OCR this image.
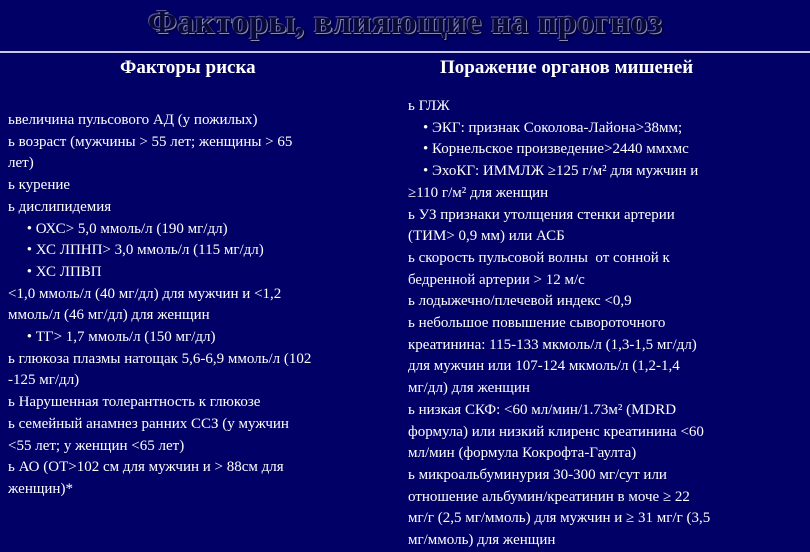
Факторы, влияющие на прогноз
Факторы риска	Поражение органов мишеней
ьвеличина пульсового АД (у пожилых)
ь возраст (мужчины > 55 лет; женщины > 65
лет)
ь курение
ь дислипидемия
• ОХС> 5,0 ммоль/л (190 мг/дл)
• ХС ЛПНП> 3,0 ммоль/л (115 мг/дл)
• ХС ЛПВП
<1,0 ммоль/л (40 мг/дл) для мужчин и <1,2
ммоль/л (46 мг/дл) для женщин
• ТГ> 1,7 ммоль/л (150 мг/дл)
ь глюкоза плазмы натощак 5,6-6,9 ммоль/л (102
-125 мг/дл)
ь Нарушенная толерантность к глюкозе
ь семейный анамнез ранних ССЗ (у мужчин
<55 лет; у женщин <65 лет)
ь АО (ОТ>102 см для мужчин и > 88см для
женщин)*
ь ГЛЖ
• ЭКГ: признак Соколова-Лайона>38мм;
• Корнельское произведение>2440 ммхмс
• ЭхоКГ: ИММЛЖ ≥125 г/м² для мужчин и
≥110 г/м² для женщин
ь УЗ признаки утолщения стенки артерии
(ТИМ> 0,9 мм) или АСБ
ь скорость пульсовой волны  от сонной к
бедренной артерии > 12 м/с
ь лодыжечно/плечевой индекс <0,9
ь небольшое повышение сывороточного
креатинина: 115-133 мкмоль/л (1,3-1,5 мг/дл)
для мужчин или 107-124 мкмоль/л (1,2-1,4
мг/дл) для женщин
ь низкая СКФ: <60 мл/мин/1.73м² (MDRD
формула) или низкий клиренс креатинина <60
мл/мин (формула Кокрофта-Гаулта)
ь микроальбуминурия 30-300 мг/сут или
отношение альбумин/креатинин в моче ≥ 22
мг/г (2,5 мг/ммоль) для мужчин и ≥ 31 мг/г (3,5
мг/ммоль) для женщин
